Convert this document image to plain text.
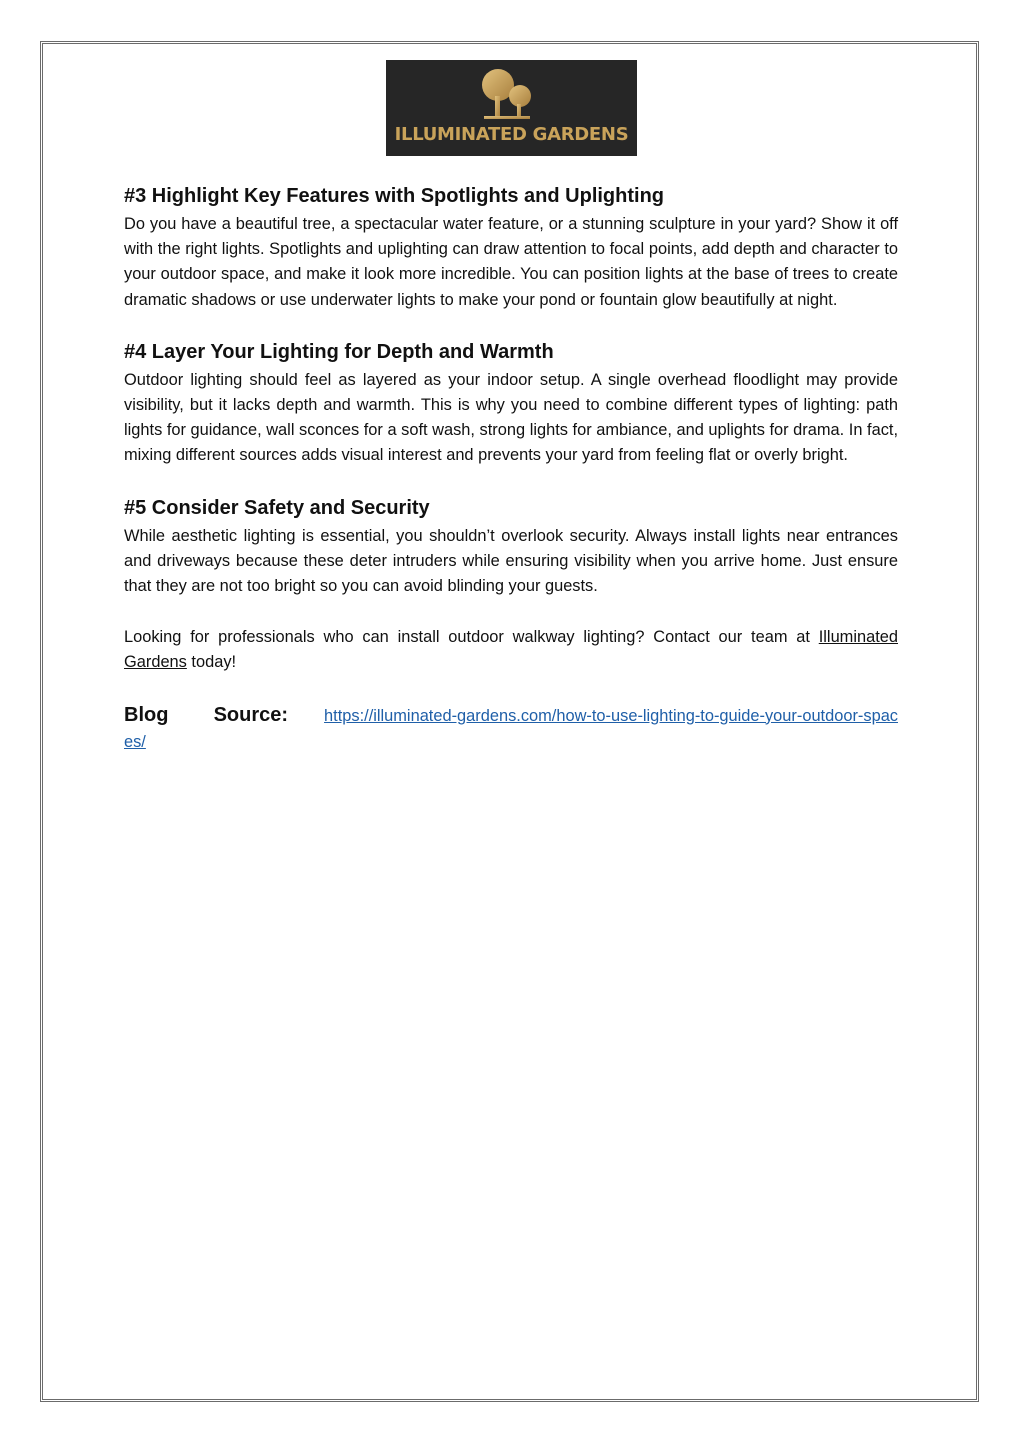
ILLUMINATED GARDENS
#3 Highlight Key Features with Spotlights and Uplighting

Do you have a beautiful tree, a spectacular water feature, or a stunning sculpture in your yard? Show it off with the right lights. Spotlights and uplighting can draw attention to focal points, add depth and character to your outdoor space, and make it look more incredible. You can position lights at the base of trees to create dramatic shadows or use underwater lights to make your pond or fountain glow beautifully at night.

#4 Layer Your Lighting for Depth and Warmth

Outdoor lighting should feel as layered as your indoor setup. A single overhead floodlight may provide visibility, but it lacks depth and warmth. This is why you need to combine different types of lighting: path lights for guidance, wall sconces for a soft wash, strong lights for ambiance, and uplights for drama. In fact, mixing different sources adds visual interest and prevents your yard from feeling flat or overly bright.

#5 Consider Safety and Security

While aesthetic lighting is essential, you shouldn’t overlook security. Always install lights near entrances and driveways because these deter intruders while ensuring visibility when you arrive home. Just ensure that they are not too bright so you can avoid blinding your guests.

Looking for professionals who can install outdoor walkway lighting? Contact our team at Illuminated Gardens today!

Blog Source: https://illuminated-gardens.com/how-to-use-lighting-to-guide-your-outdoor-spaces/
